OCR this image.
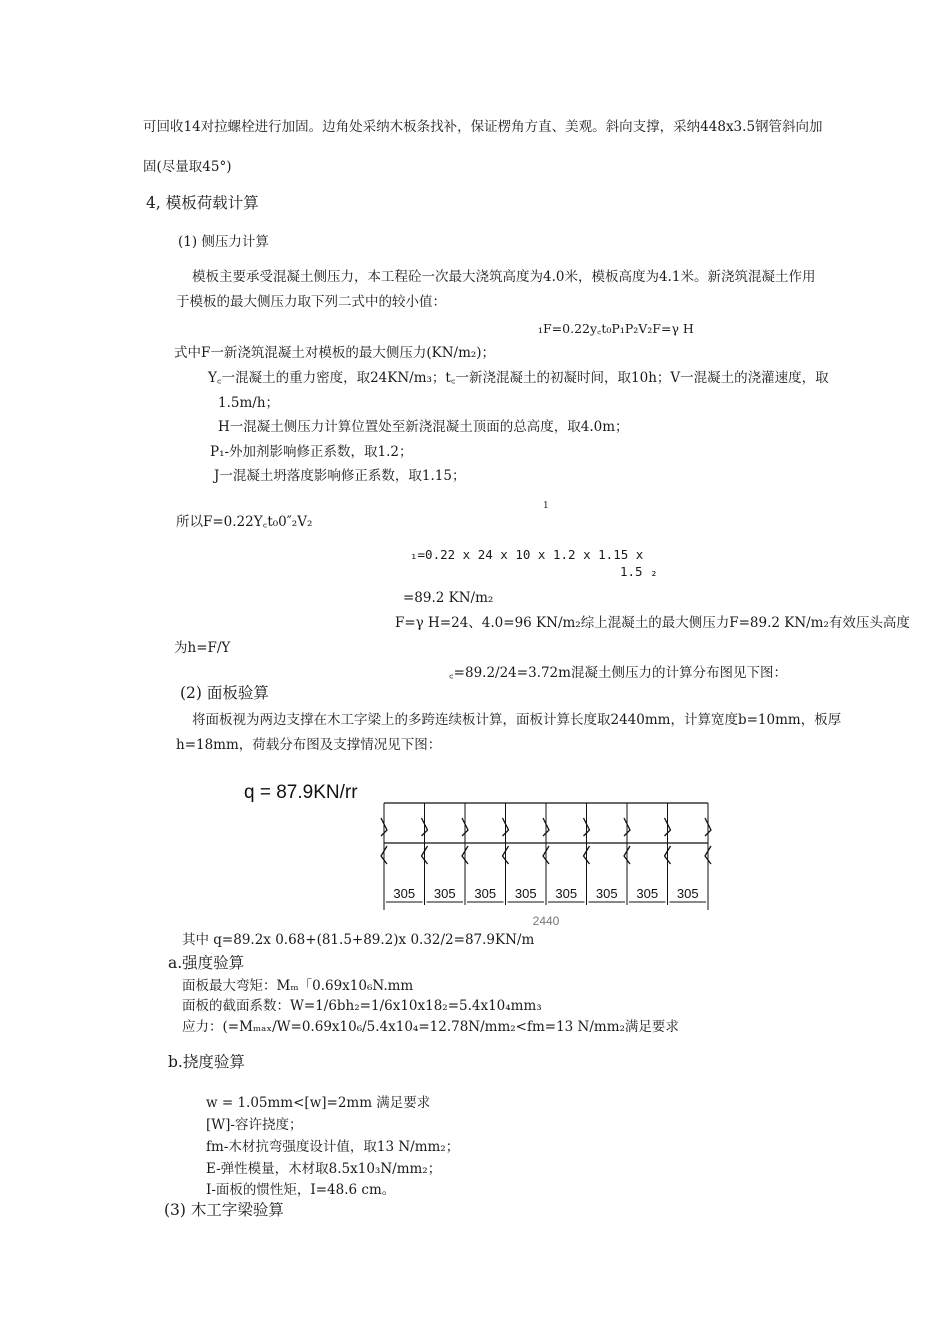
可回收14对拉螺栓进行加固。边角处采纳木板条找补，保证楞角方直、美观。斜向支撑，采纳448x3.5钢管斜向加
固(尽量取45°)
4, 模板荷载计算
(1) 侧压力计算
模板主要承受混凝土侧压力，本工程砼一次最大浇筑高度为4.0米，模板高度为4.1米。新浇筑混凝土作用
于模板的最大侧压力取下列二式中的较小值：
₁F=0.22y꜀t₀P₁P₂V₂F=γ H
式中F一新浇筑混凝土对模板的最大侧压力(KN/m₂)；
Y꜀一混凝土的重力密度，取24KN/m₃；t꜀一新浇混凝土的初凝时间，取10h；V一混凝土的浇灌速度，取
1.5m/h；
H一混凝土侧压力计算位置处至新浇混凝土顶面的总高度，取4.0m；
P₁-外加剂影响修正系数，取1.2；
J一混凝土坍落度影响修正系数，取1.15；
1
所以F=0.22Y꜀t₀0″₂V₂
₁=0.22 x 24 x 10 x 1.2 x 1.15 x
1.5 ₂
=89.2 KN/m₂
F=γ H=24、4.0=96 KN/m₂综上混凝土的最大侧压力F=89.2 KN/m₂有效压头高度
为h=F/Y
꜀=89.2/24=3.72m混凝土侧压力的计算分布图见下图：
(2) 面板验算
将面板视为两边支撑在木工字梁上的多跨连续板计算，面板计算长度取2440mm，计算宽度b=10mm，板厚
h=18mm，荷载分布图及支撑情况见下图：
q = 87.9KN/rr
305 305 305 305 305 305 305 305
2440
其中 q=89.2x 0.68+(81.5+89.2)x 0.32/2=87.9KN/m
a.强度验算
面板最大弯矩：Mₘ「0.69x10₆N.mm
面板的截面系数：W=1/6bh₂=1/6x10x18₂=5.4x10₄mm₃
应力：(=Mₘₐₓ/W=0.69x10₆/5.4x10₄=12.78N/mm₂<fm=13 N/mm₂满足要求
b.挠度验算
w = 1.05mm<[w]=2mm 满足要求
[W]-容许挠度；
fm-木材抗弯强度设计值，取13 N/mm₂；
E-弹性模量，木材取8.5x10₃N/mm₂；
I-面板的惯性矩，I=48.6 cm。
(3) 木工字梁验算
